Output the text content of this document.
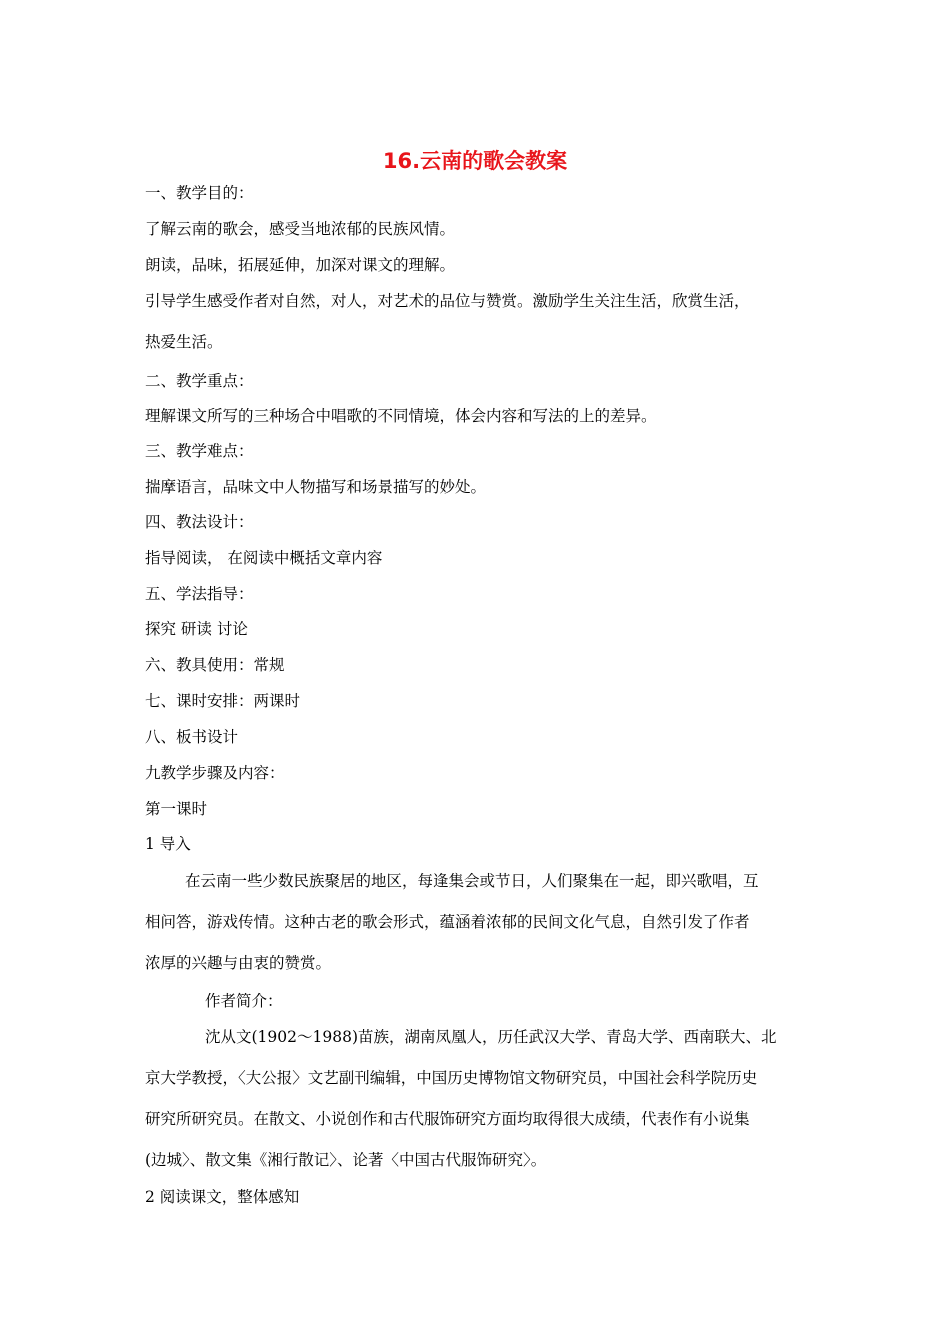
16.云南的歌会教案
一、教学目的：
了解云南的歌会，感受当地浓郁的民族风情。
朗读，品味，拓展延伸，加深对课文的理解。
引导学生感受作者对自然，对人，对艺术的品位与赞赏。激励学生关注生活，欣赏生活，
热爱生活。
二、教学重点：
理解课文所写的三种场合中唱歌的不同情境，体会内容和写法的上的差异。
三、教学难点：
揣摩语言，品味文中人物描写和场景描写的妙处。
四、教法设计：
指导阅读， 在阅读中概括文章内容
五、学法指导：
探究 研读 讨论
六、教具使用：常规
七、课时安排：两课时
八、板书设计
九教学步骤及内容：
第一课时
1 导入
在云南一些少数民族聚居的地区，每逢集会或节日，人们聚集在一起，即兴歌唱，互
相问答，游戏传情。这种古老的歌会形式，蕴涵着浓郁的民间文化气息，自然引发了作者
浓厚的兴趣与由衷的赞赏。
作者简介：
沈从文(1902～1988)苗族，湖南凤凰人，历任武汉大学、青岛大学、西南联大、北
京大学教授，〈大公报〉文艺副刊编辑，中国历史博物馆文物研究员，中国社会科学院历史
研究所研究员。在散文、小说创作和古代服饰研究方面均取得很大成绩，代表作有小说集
(边城〉、散文集《湘行散记〉、论著〈中国古代服饰研究〉。
2 阅读课文，整体感知
